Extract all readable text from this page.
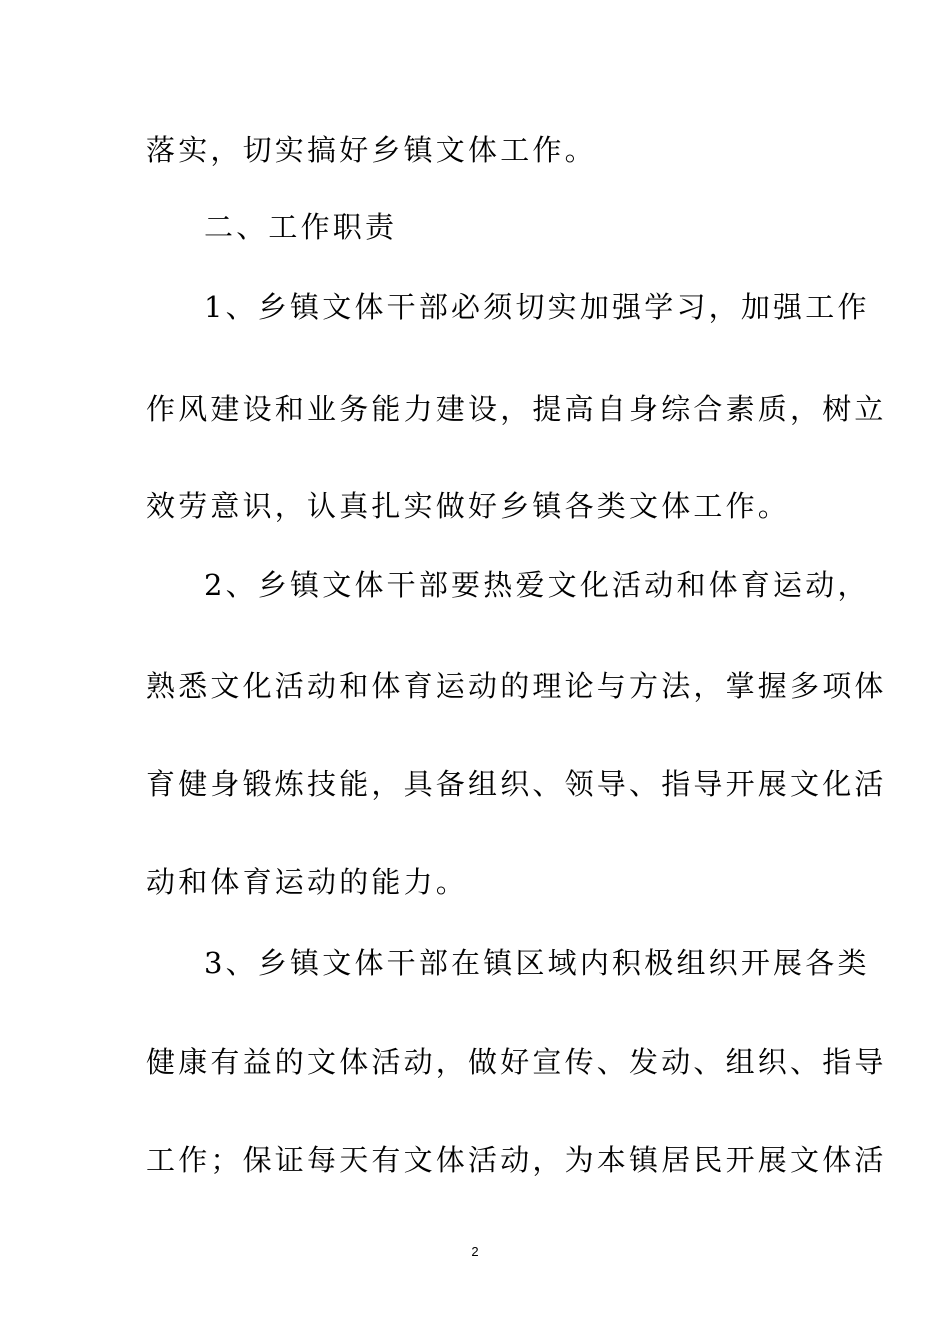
落实，切实搞好乡镇文体工作。
二、工作职责
1、乡镇文体干部必须切实加强学习，加强工作
作风建设和业务能力建设，提高自身综合素质，树立
效劳意识，认真扎实做好乡镇各类文体工作。
2、乡镇文体干部要热爱文化活动和体育运动，
熟悉文化活动和体育运动的理论与方法，掌握多项体
育健身锻炼技能，具备组织、领导、指导开展文化活
动和体育运动的能力。
3、乡镇文体干部在镇区域内积极组织开展各类
健康有益的文体活动，做好宣传、发动、组织、指导
工作；保证每天有文体活动，为本镇居民开展文体活
2
